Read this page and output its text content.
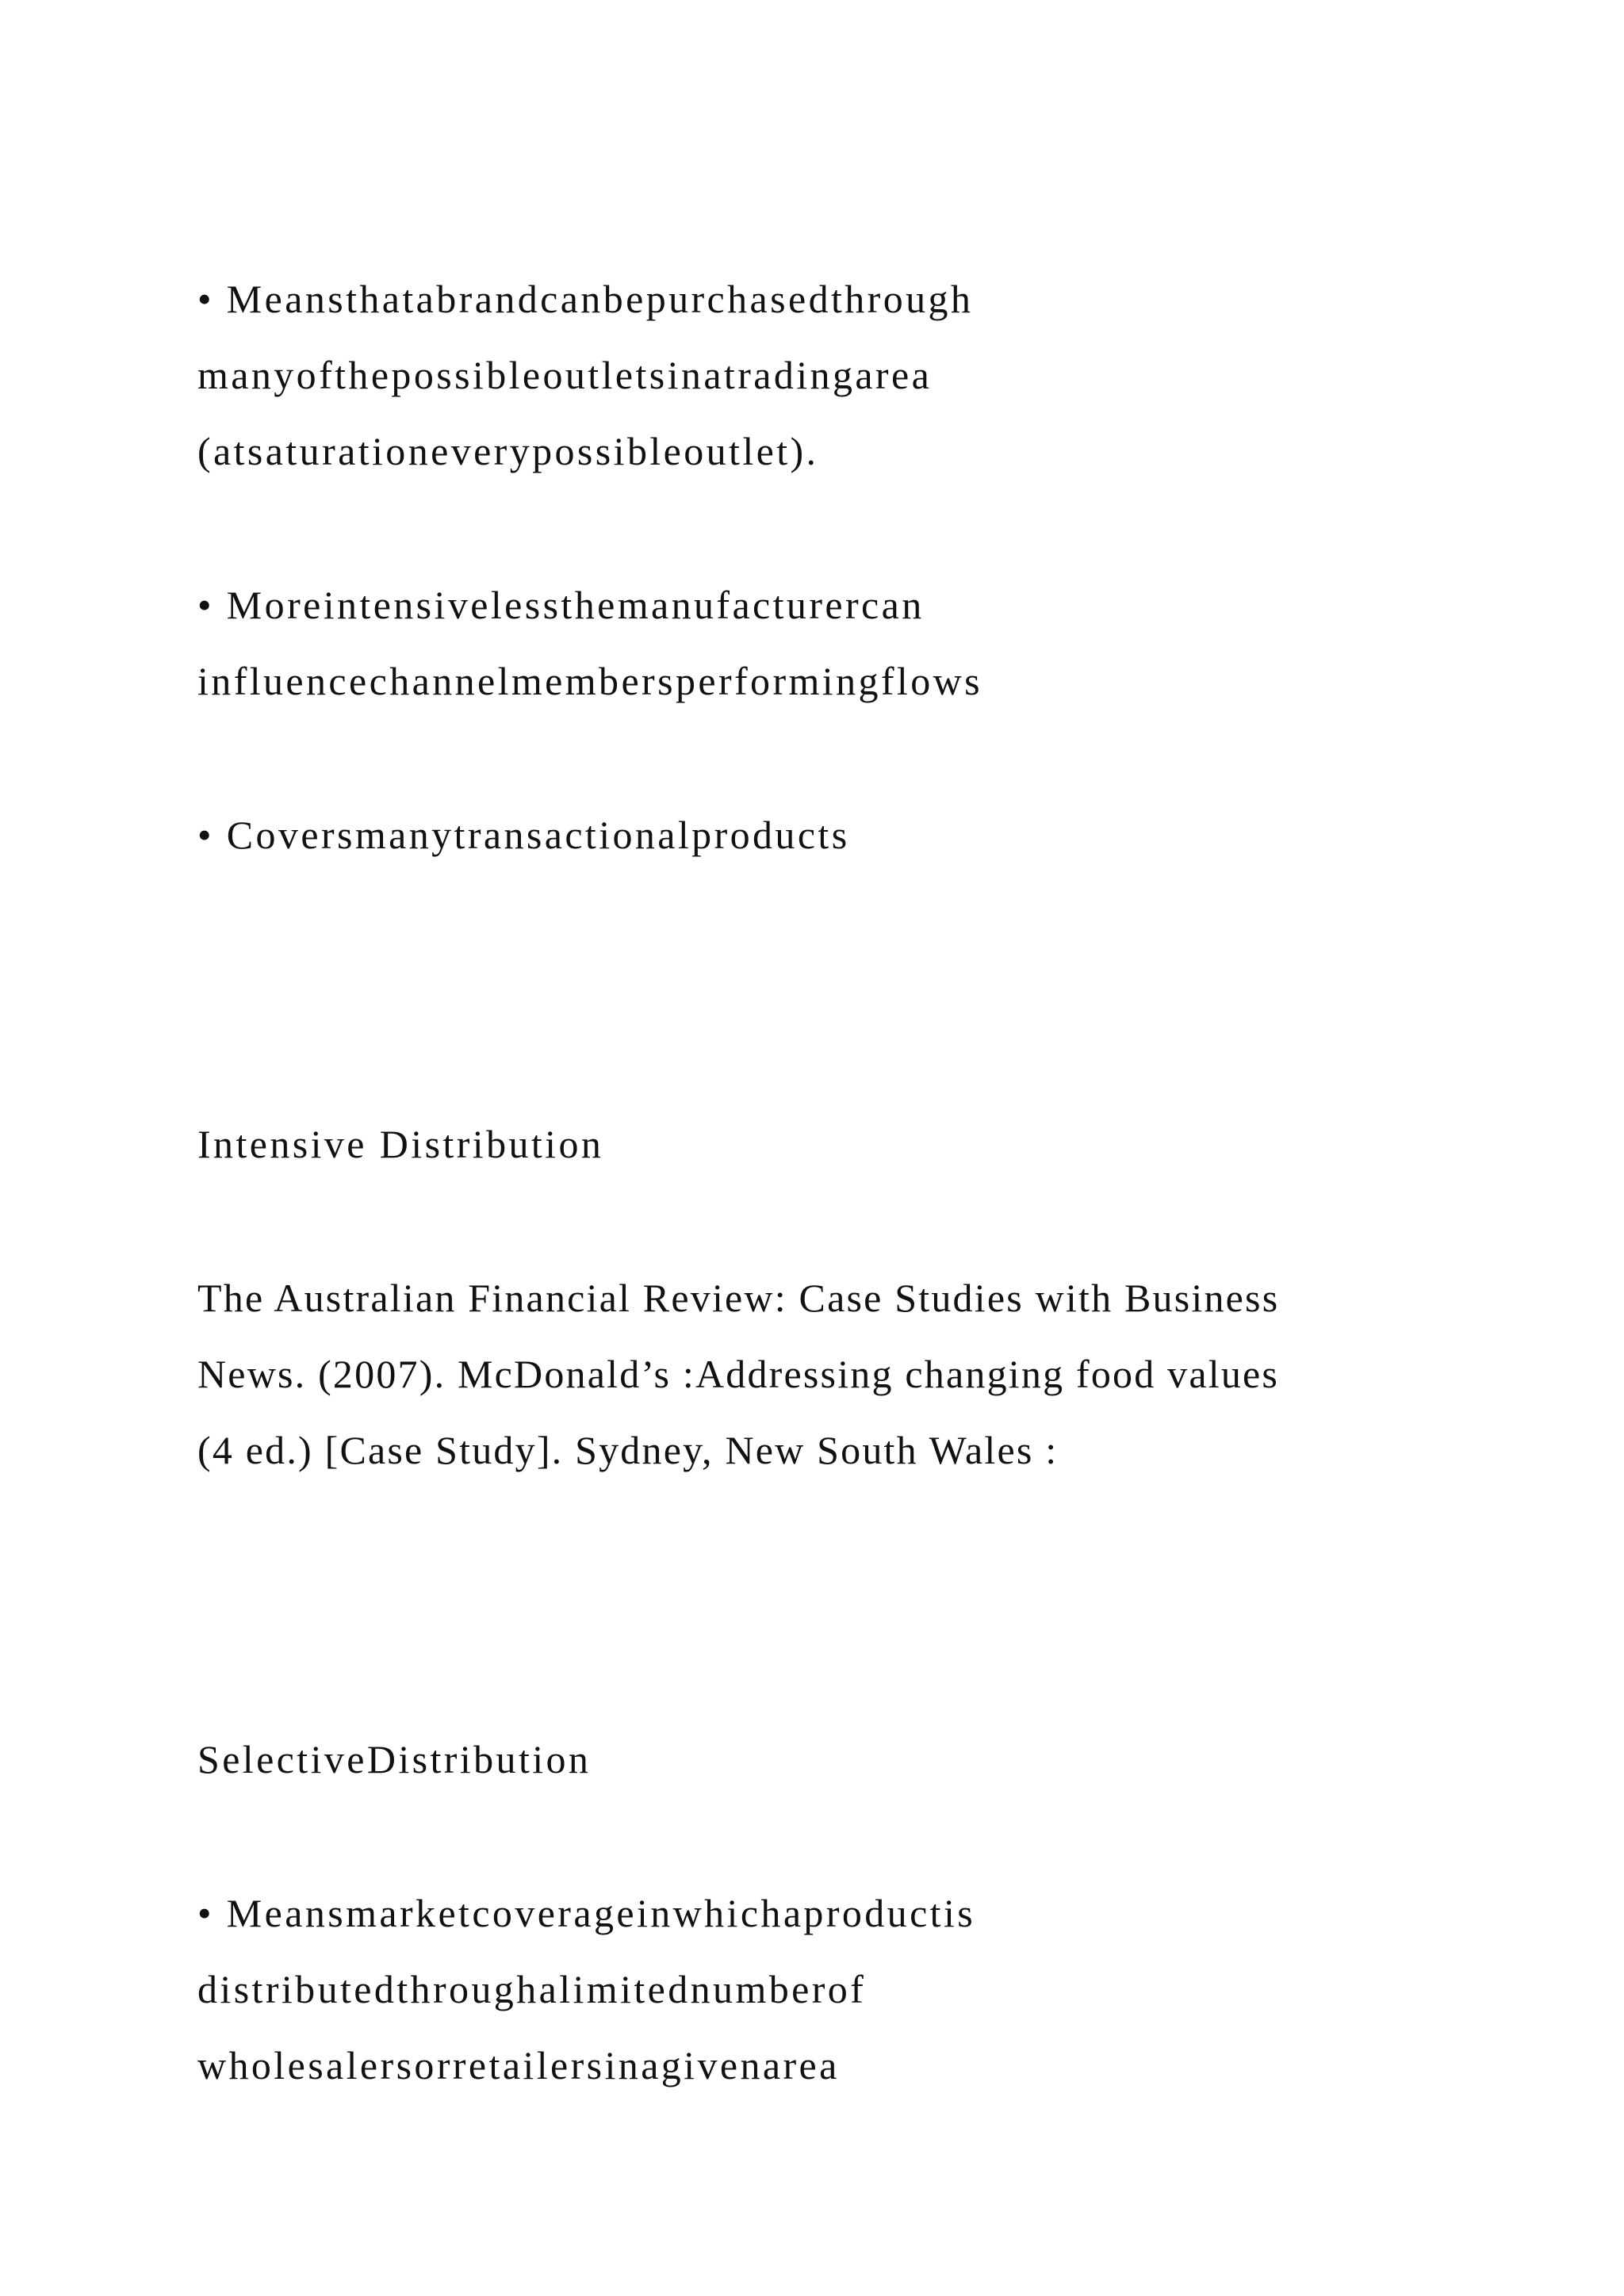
• Meansthatabrandcanbepurchasedthrough

manyofthepossibleoutletsinatradingarea

(atsaturationeverypossibleoutlet).

• Moreintensivelessthemanufacturercan

influencechannelmembersperformingflows

• Coversmanytransactionalproducts

Intensive Distribution

The Australian Financial Review: Case Studies with Business

News. (2007). McDonald’s :Addressing changing food values

(4 ed.) [Case Study]. Sydney, New South Wales :

SelectiveDistribution

• Meansmarketcoverageinwhichaproductis

distributedthroughalimitednumberof

wholesalersorretailersinagivenarea
